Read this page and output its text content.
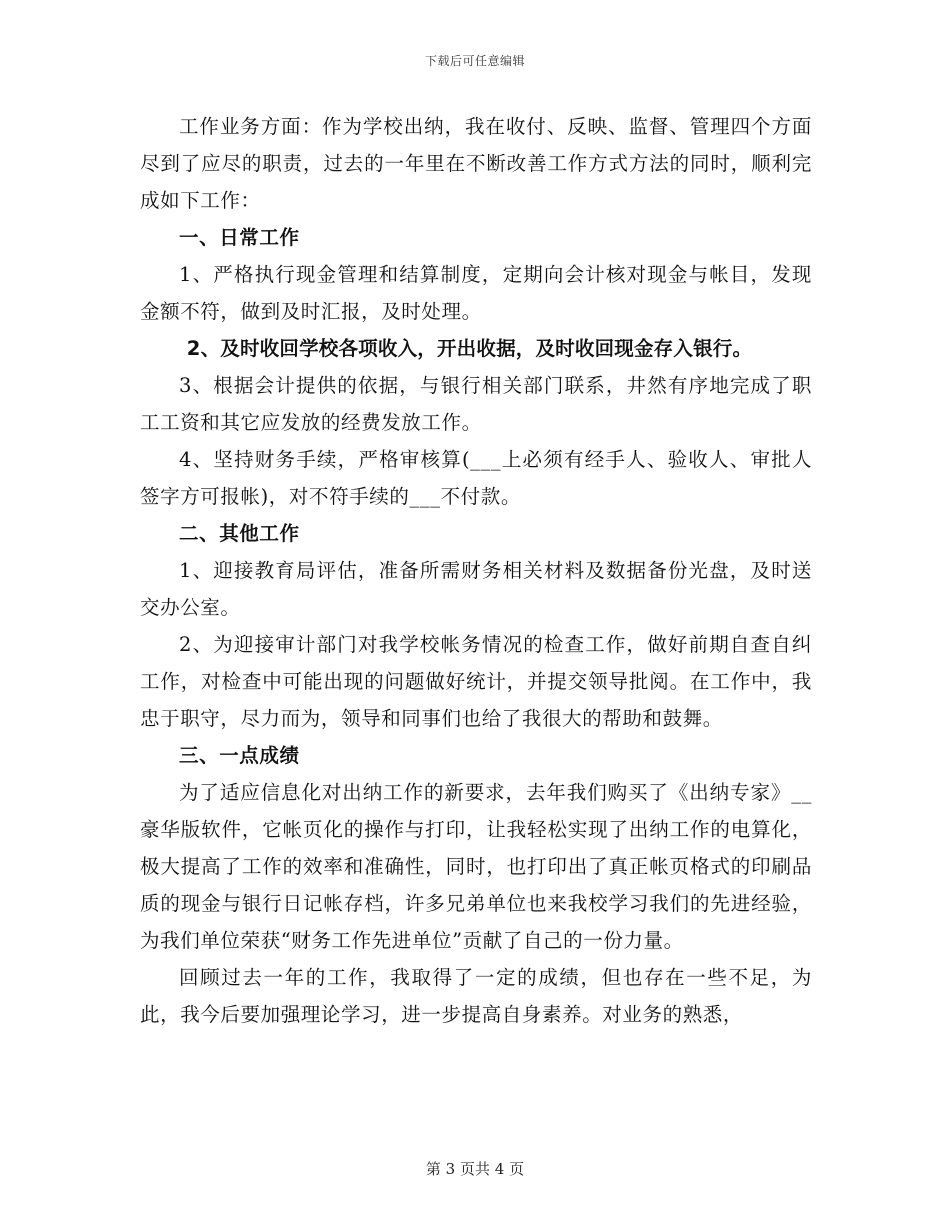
下载后可任意编辑

工作业务方面：作为学校出纳，我在收付、反映、监督、管理四个方面尽到了应尽的职责，过去的一年里在不断改善工作方式方法的同时，顺利完成如下工作：

一、日常工作

1、严格执行现金管理和结算制度，定期向会计核对现金与帐目，发现金额不符，做到及时汇报，及时处理。

2、及时收回学校各项收入，开出收据，及时收回现金存入银行。

3、根据会计提供的依据，与银行相关部门联系，井然有序地完成了职工工资和其它应发放的经费发放工作。

4、坚持财务手续，严格审核算(___上必须有经手人、验收人、审批人签字方可报帐)，对不符手续的___不付款。

二、其他工作

1、迎接教育局评估，准备所需财务相关材料及数据备份光盘，及时送交办公室。

2、为迎接审计部门对我学校帐务情况的检查工作，做好前期自查自纠工作，对检查中可能出现的问题做好统计，并提交领导批阅。在工作中，我忠于职守，尽力而为，领导和同事们也给了我很大的帮助和鼓舞。

三、一点成绩

为了适应信息化对出纳工作的新要求，去年我们购买了《出纳专家》__豪华版软件，它帐页化的操作与打印，让我轻松实现了出纳工作的电算化，极大提高了工作的效率和准确性，同时，也打印出了真正帐页格式的印刷品质的现金与银行日记帐存档，许多兄弟单位也来我校学习我们的先进经验，为我们单位荣获“财务工作先进单位”贡献了自己的一份力量。

回顾过去一年的工作，我取得了一定的成绩，但也存在一些不足，为此，我今后要加强理论学习，进一步提高自身素养。对业务的熟悉，

第 3 页共 4 页
